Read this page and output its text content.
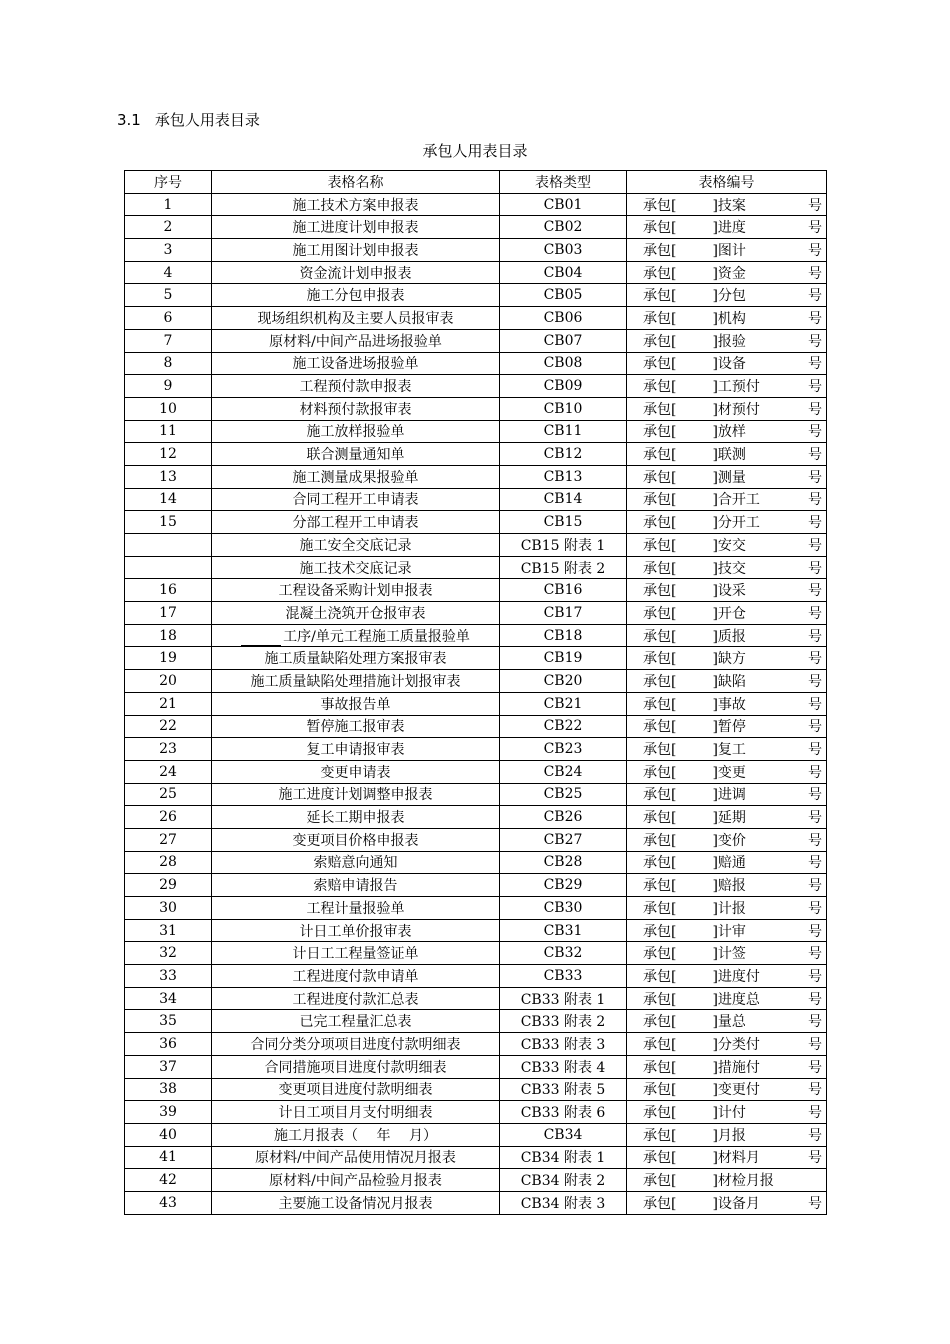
3.1 承包人用表目录
承包人用表目录
序号	表格名称	表格类型	表格编号
1	施工技术方案申报表	CB01	承包[ ]技案 号

2	施工进度计划申报表	CB02	承包[ ]进度 号

3	施工用图计划申报表	CB03	承包[ ]图计 号

4	资金流计划申报表	CB04	承包[ ]资金 号

5	施工分包申报表	CB05	承包[ ]分包 号

6	现场组织机构及主要人员报审表	CB06	承包[ ]机构 号

7	原材料/中间产品进场报验单	CB07	承包[ ]报验 号

8	施工设备进场报验单	CB08	承包[ ]设备 号

9	工程预付款申报表	CB09	承包[ ]工预付 号

10	材料预付款报审表	CB10	承包[ ]材预付 号

11	施工放样报验单	CB11	承包[ ]放样 号

12	联合测量通知单	CB12	承包[ ]联测 号

13	施工测量成果报验单	CB13	承包[ ]测量 号

14	合同工程开工申请表	CB14	承包[ ]合开工 号

15	分部工程开工申请表	CB15	承包[ ]分开工 号

	施工安全交底记录	CB15 附表 1	承包[ ]安交 号

	施工技术交底记录	CB15 附表 2	承包[ ]技交 号

16	工程设备采购计划申报表	CB16	承包[ ]设采 号

17	混凝土浇筑开仓报审表	CB17	承包[ ]开仓 号

18	工序/单元工程施工质量报验单	CB18	承包[ ]质报 号

19	施工质量缺陷处理方案报审表	CB19	承包[ ]缺方 号

20	施工质量缺陷处理措施计划报审表	CB20	承包[ ]缺陷 号

21	事故报告单	CB21	承包[ ]事故 号

22	暂停施工报审表	CB22	承包[ ]暂停 号

23	复工申请报审表	CB23	承包[ ]复工 号

24	变更申请表	CB24	承包[ ]变更 号

25	施工进度计划调整申报表	CB25	承包[ ]进调 号

26	延长工期申报表	CB26	承包[ ]延期 号

27	变更项目价格申报表	CB27	承包[ ]变价 号

28	索赔意向通知	CB28	承包[ ]赔通 号

29	索赔申请报告	CB29	承包[ ]赔报 号

30	工程计量报验单	CB30	承包[ ]计报 号

31	计日工单价报审表	CB31	承包[ ]计审 号

32	计日工工程量签证单	CB32	承包[ ]计签 号

33	工程进度付款申请单	CB33	承包[ ]进度付 号

34	工程进度付款汇总表	CB33 附表 1	承包[ ]进度总 号

35	已完工程量汇总表	CB33 附表 2	承包[ ]量总 号

36	合同分类分项项目进度付款明细表	CB33 附表 3	承包[ ]分类付 号

37	合同措施项目进度付款明细表	CB33 附表 4	承包[ ]措施付 号

38	变更项目进度付款明细表	CB33 附表 5	承包[ ]变更付 号

39	计日工项目月支付明细表	CB33 附表 6	承包[ ]计付 号

40	施工月报表（　 年 　月）	CB34	承包[ ]月报 号

41	原材料/中间产品使用情况月报表	CB34 附表 1	承包[ ]材料月 号

42	原材料/中间产品检验月报表	CB34 附表 2	承包[ ]材检月报

43	主要施工设备情况月报表	CB34 附表 3	承包[ ]设备月 号
